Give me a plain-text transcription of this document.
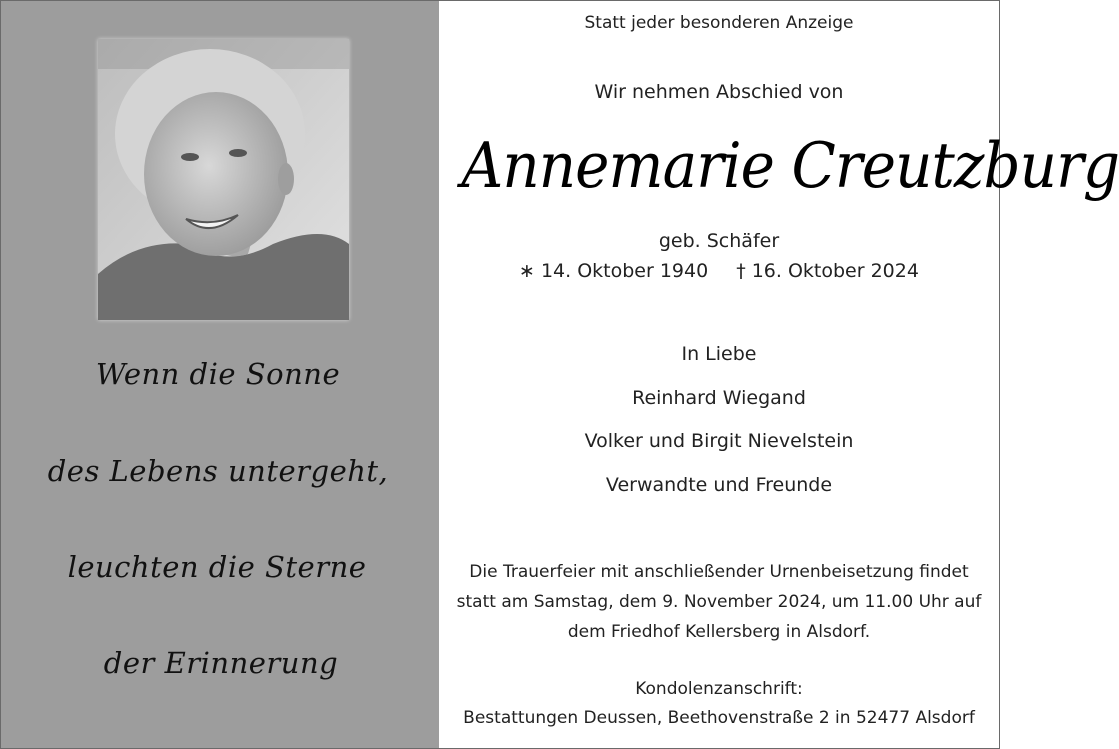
Wenn die Sonne
des Lebens untergeht,
leuchten die Sterne
der Erinnerung
Statt jeder besonderen Anzeige
Wir nehmen Abschied von
Annemarie Creutzburg
geb. Schäfer
∗ 14. Oktober 1940 † 16. Oktober 2024
In Liebe
Reinhard Wiegand
Volker und Birgit Nievelstein
Verwandte und Freunde
Die Trauerfeier mit anschließender Urnenbeisetzung findet
statt am Samstag, dem 9. November 2024, um 11.00 Uhr auf
dem Friedhof Kellersberg in Alsdorf.
Kondolenzanschrift:
Bestattungen Deussen, Beethovenstraße 2 in 52477 Alsdorf
